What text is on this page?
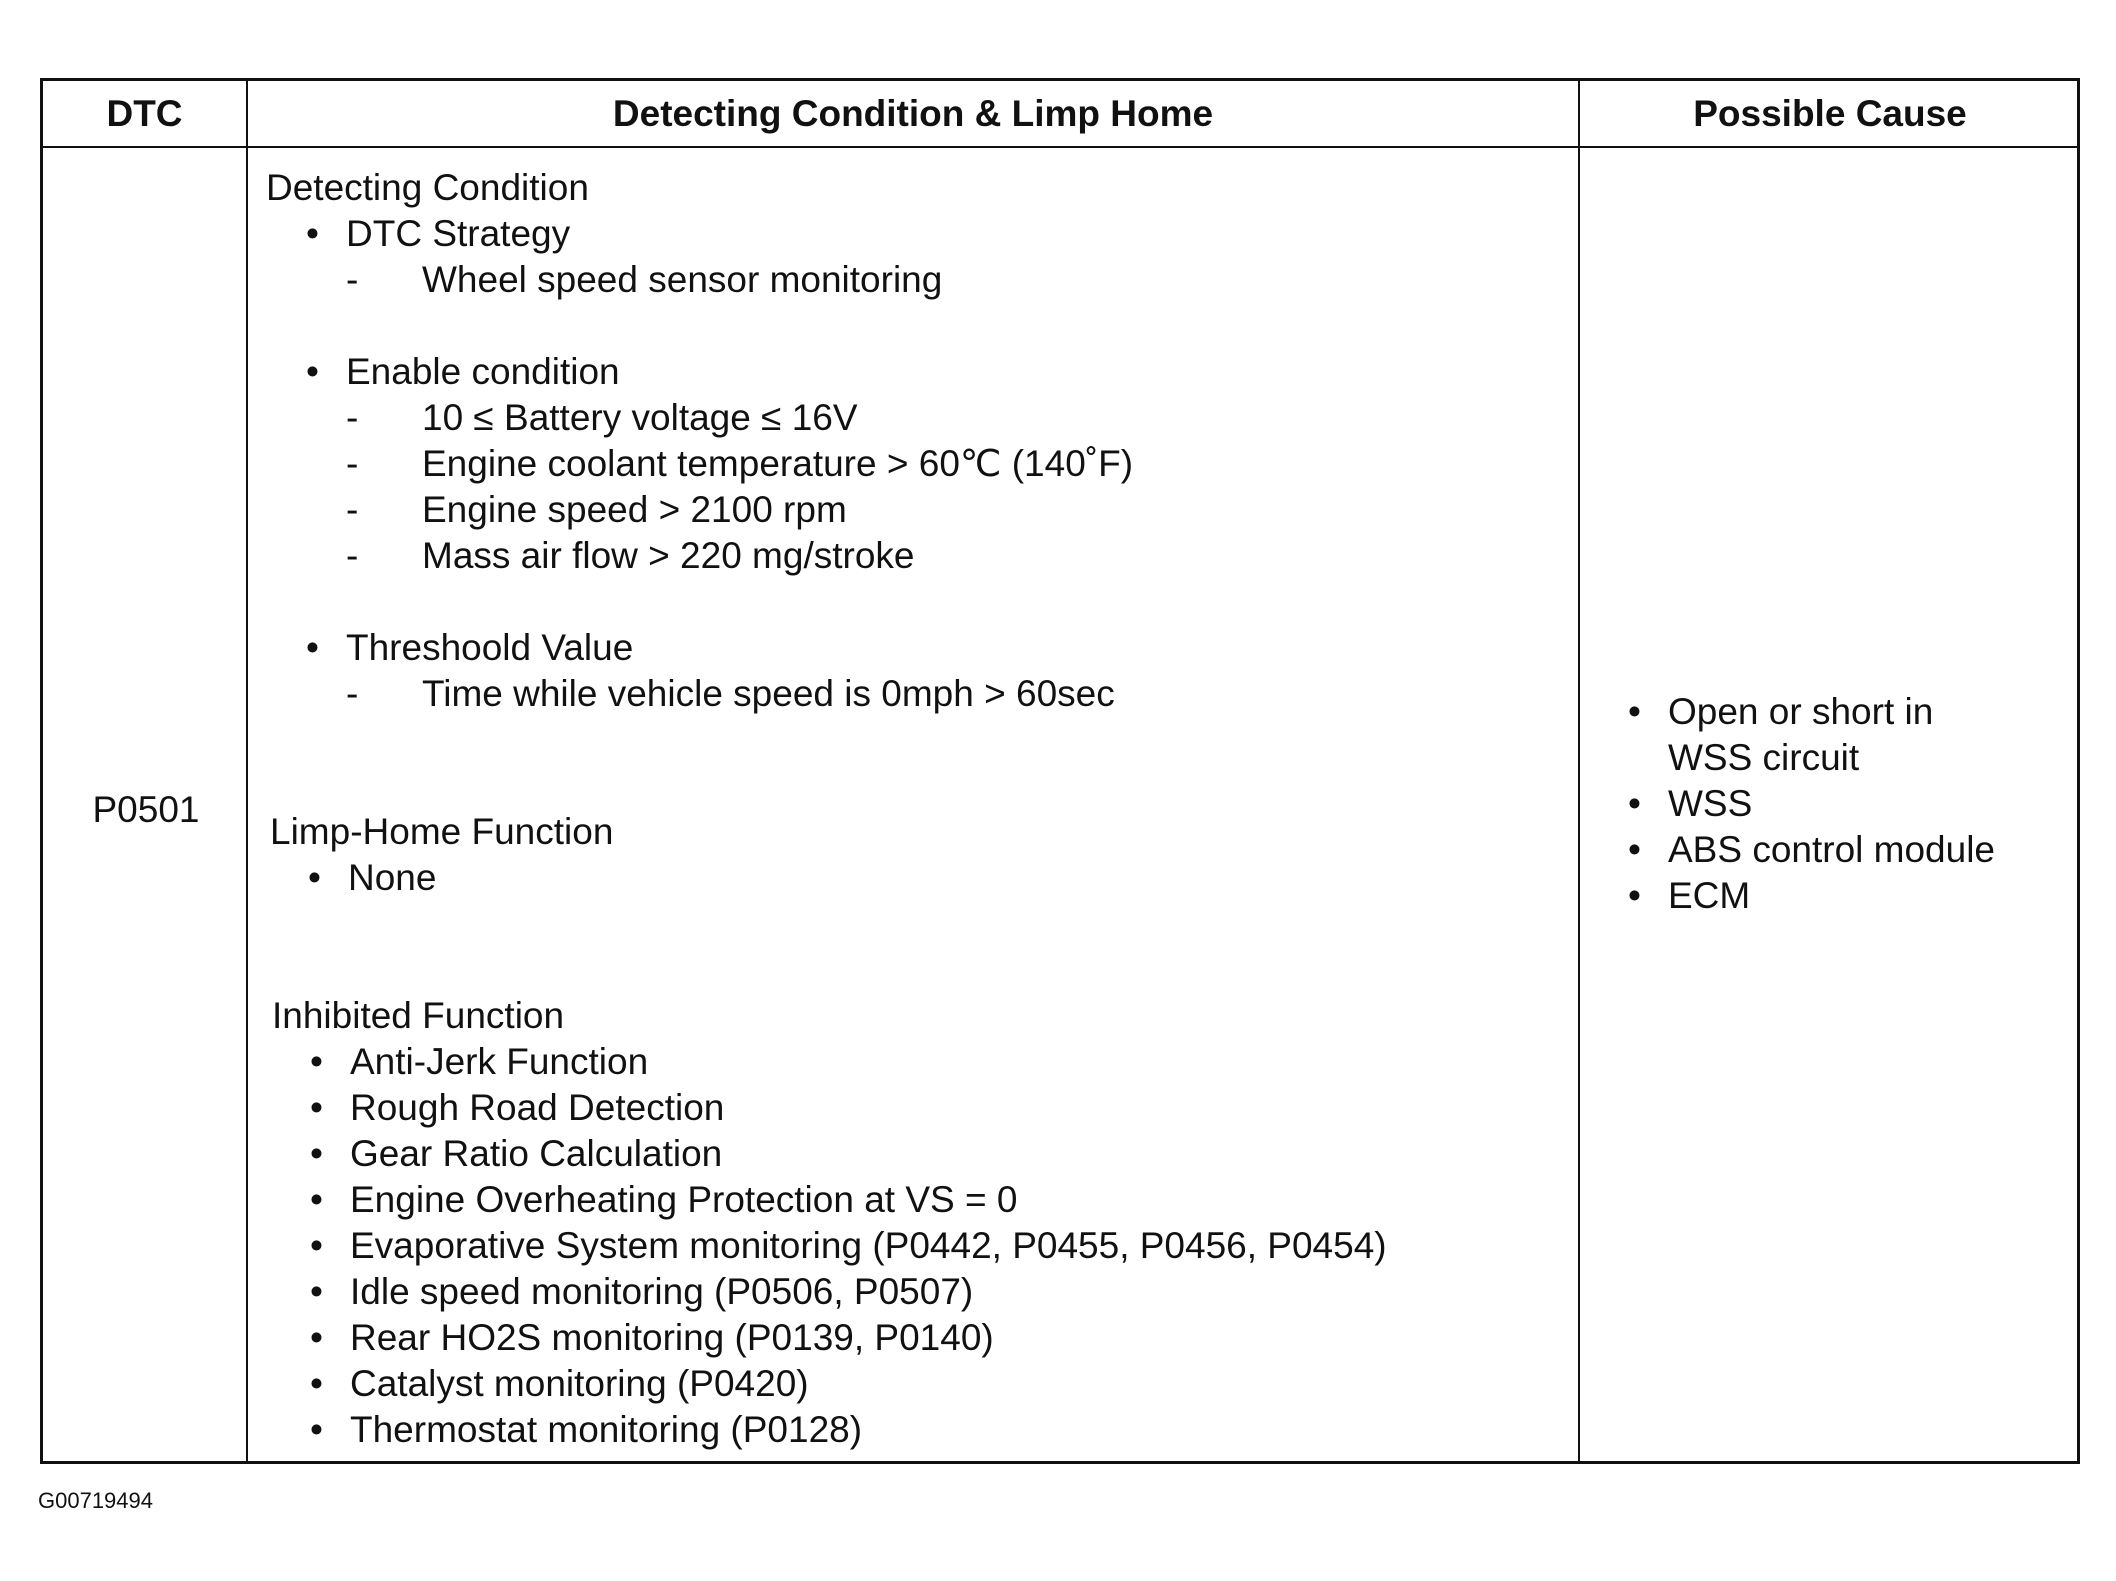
DTC	Detecting Condition & Limp Home	Possible Cause
P0501
Detecting Condition
• DTC Strategy
- Wheel speed sensor monitoring
• Enable condition
- 10 ≤ Battery voltage ≤ 16V
- Engine coolant temperature > 60℃ (140˚F)
- Engine speed > 2100 rpm
- Mass air flow > 220 mg/stroke
• Threshoold Value
- Time while vehicle speed is 0mph > 60sec
Limp-Home Function
• None
Inhibited Function
• Anti-Jerk Function
• Rough Road Detection
• Gear Ratio Calculation
• Engine Overheating Protection at VS = 0
• Evaporative System monitoring (P0442, P0455, P0456, P0454)
• Idle speed monitoring (P0506, P0507)
• Rear HO2S monitoring (P0139, P0140)
• Catalyst monitoring (P0420)
• Thermostat monitoring (P0128)
• Open or short in
WSS circuit
• WSS
• ABS control module
• ECM
G00719494
